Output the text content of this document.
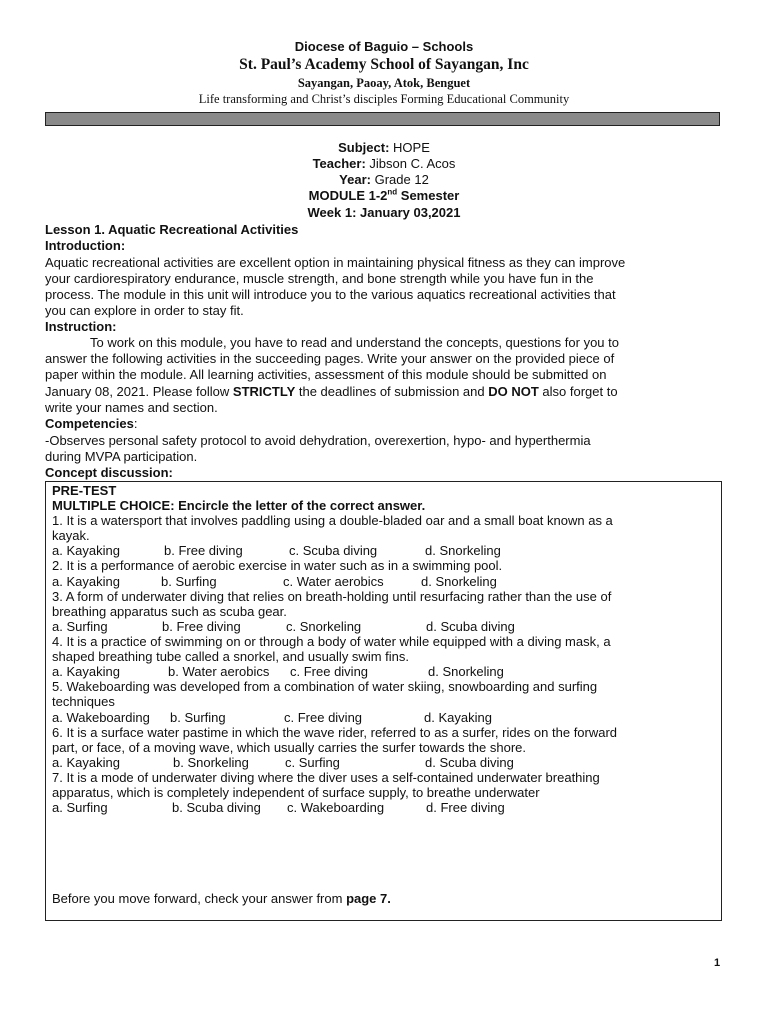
Diocese of Baguio – Schools
St. Paul’s Academy School of Sayangan, Inc
Sayangan, Paoay, Atok, Benguet
Life transforming and Christ’s disciples Forming Educational Community
Subject: HOPE
Teacher: Jibson C. Acos
Year: Grade 12
MODULE 1-2nd Semester
Week 1: January 03,2021
Lesson 1. Aquatic Recreational Activities
Introduction:
Aquatic recreational activities are excellent option in maintaining physical fitness as they can improve
your cardiorespiratory endurance, muscle strength, and bone strength while you have fun in the
process. The module in this unit will introduce you to the various aquatics recreational activities that
you can explore in order to stay fit.
Instruction:
To work on this module, you have to read and understand the concepts, questions for you to
answer the following activities in the succeeding pages. Write your answer on the provided piece of
paper within the module. All learning activities, assessment of this module should be submitted on
January 08, 2021. Please follow STRICTLY the deadlines of submission and DO NOT also forget to
write your names and section.
Competencies:
-Observes personal safety protocol to avoid dehydration, overexertion, hypo- and hyperthermia
during MVPA participation.
Concept discussion:
PRE-TEST
MULTIPLE CHOICE: Encircle the letter of the correct answer.
1. It is a watersport that involves paddling using a double-bladed oar and a small boat known as a
kayak.
a. Kayaking	b. Free diving	c. Scuba diving	d. Snorkeling
2. It is a performance of aerobic exercise in water such as in a swimming pool.
a. Kayaking	b. Surfing	c. Water aerobics	d. Snorkeling
3. A form of underwater diving that relies on breath-holding until resurfacing rather than the use of
breathing apparatus such as scuba gear.
a. Surfing	b. Free diving	c. Snorkeling	d. Scuba diving
4. It is a practice of swimming on or through a body of water while equipped with a diving mask, a
shaped breathing tube called a snorkel, and usually swim fins.
a. Kayaking	b. Water aerobics c. Free diving	d. Snorkeling
5. Wakeboarding was developed from a combination of water skiing, snowboarding and surfing
techniques
a. Wakeboarding b. Surfing	c. Free diving	d. Kayaking
6. It is a surface water pastime in which the wave rider, referred to as a surfer, rides on the forward
part, or face, of a moving wave, which usually carries the surfer towards the shore.
a. Kayaking	b. Snorkeling	c. Surfing	d. Scuba diving
7. It is a mode of underwater diving where the diver uses a self-contained underwater breathing
apparatus, which is completely independent of surface supply, to breathe underwater
a. Surfing	b. Scuba diving c. Wakeboarding	d. Free diving
Before you move forward, check your answer from page 7.
1
